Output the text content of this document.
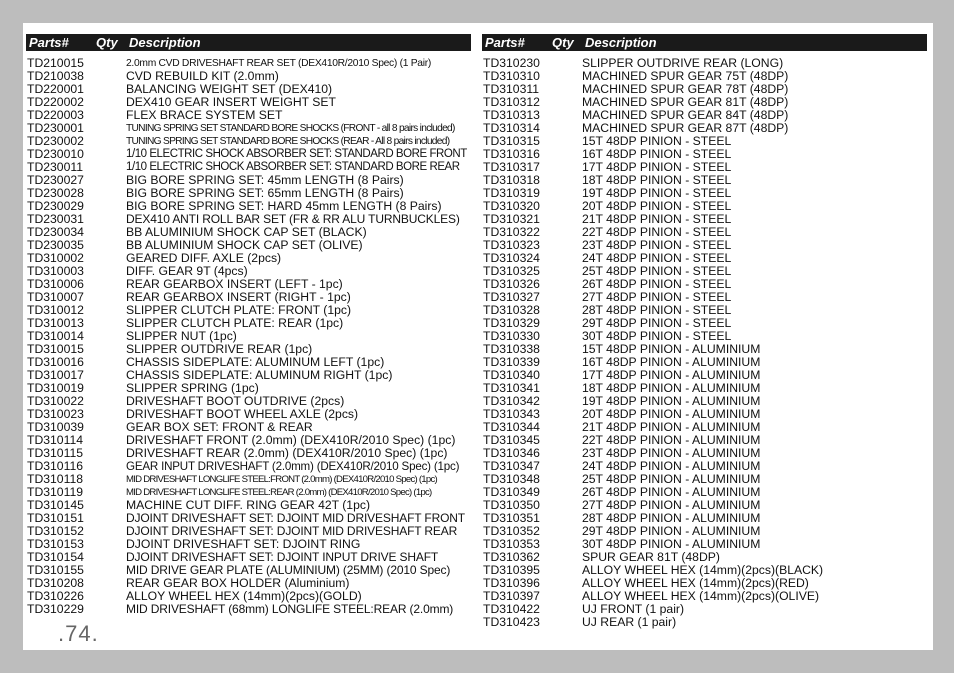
Parts# Qty Description
TD210015	2.0mm CVD DRIVESHAFT REAR SET (DEX410R/2010 Spec) (1 Pair)
TD210038	CVD REBUILD KIT (2.0mm)
TD220001	BALANCING WEIGHT SET (DEX410)
TD220002	DEX410 GEAR INSERT WEIGHT SET
TD220003	FLEX BRACE SYSTEM SET
TD230001	TUNING SPRING SET STANDARD BORE SHOCKS (FRONT - all 8 pairs included)
TD230002	TUNING SPRING SET STANDARD BORE SHOCKS (REAR - All 8 pairs included)
TD230010	1/10 ELECTRIC SHOCK ABSORBER SET: STANDARD BORE FRONT
TD230011	1/10 ELECTRIC SHOCK ABSORBER SET: STANDARD BORE REAR
TD230027	BIG BORE SPRING SET: 45mm LENGTH (8 Pairs)
TD230028	BIG BORE SPRING SET: 65mm LENGTH (8 Pairs)
TD230029	BIG BORE SPRING SET: HARD 45mm LENGTH (8 Pairs)
TD230031	DEX410 ANTI ROLL BAR SET (FR & RR ALU TURNBUCKLES)
TD230034	BB ALUMINIUM SHOCK CAP SET (BLACK)
TD230035	BB ALUMINIUM SHOCK CAP SET (OLIVE)
TD310002	GEARED DIFF. AXLE (2pcs)
TD310003	DIFF. GEAR 9T (4pcs)
TD310006	REAR GEARBOX INSERT (LEFT - 1pc)
TD310007	REAR GEARBOX INSERT (RIGHT - 1pc)
TD310012	SLIPPER CLUTCH PLATE: FRONT (1pc)
TD310013	SLIPPER CLUTCH PLATE: REAR (1pc)
TD310014	SLIPPER NUT (1pc)
TD310015	SLIPPER OUTDRIVE REAR (1pc)
TD310016	CHASSIS SIDEPLATE: ALUMINUM LEFT (1pc)
TD310017	CHASSIS SIDEPLATE: ALUMINUM RIGHT (1pc)
TD310019	SLIPPER SPRING (1pc)
TD310022	DRIVESHAFT BOOT OUTDRIVE (2pcs)
TD310023	DRIVESHAFT BOOT WHEEL AXLE (2pcs)
TD310039	GEAR BOX SET: FRONT & REAR
TD310114	DRIVESHAFT FRONT (2.0mm) (DEX410R/2010 Spec) (1pc)
TD310115	DRIVESHAFT REAR (2.0mm) (DEX410R/2010 Spec) (1pc)
TD310116	GEAR INPUT DRIVESHAFT (2.0mm) (DEX410R/2010 Spec) (1pc)
TD310118	MID DRIVESHAFT LONGLIFE STEEL:FRONT (2.0mm) (DEX410R/2010 Spec) (1pc)
TD310119	MID DRIVESHAFT LONGLIFE STEEL:REAR (2.0mm) (DEX410R/2010 Spec) (1pc)
TD310145	MACHINE CUT DIFF. RING GEAR 42T (1pc)
TD310151	DJOINT DRIVESHAFT SET: DJOINT MID DRIVESHAFT FRONT
TD310152	DJOINT DRIVESHAFT SET: DJOINT MID DRIVESHAFT REAR
TD310153	DJOINT DRIVESHAFT SET: DJOINT RING
TD310154	DJOINT DRIVESHAFT SET: DJOINT INPUT DRIVE SHAFT
TD310155	MID DRIVE GEAR PLATE (ALUMINIUM) (25MM) (2010 Spec)
TD310208	REAR GEAR BOX HOLDER (Aluminium)
TD310226	ALLOY WHEEL HEX (14mm)(2pcs)(GOLD)
TD310229	MID DRIVESHAFT (68mm) LONGLIFE STEEL:REAR (2.0mm)
Parts# Qty Description
TD310230	SLIPPER OUTDRIVE REAR (LONG)
TD310310	MACHINED SPUR GEAR 75T (48DP)
TD310311	MACHINED SPUR GEAR 78T (48DP)
TD310312	MACHINED SPUR GEAR 81T (48DP)
TD310313	MACHINED SPUR GEAR 84T (48DP)
TD310314	MACHINED SPUR GEAR 87T (48DP)
TD310315	15T 48DP PINION - STEEL
TD310316	16T 48DP PINION - STEEL
TD310317	17T 48DP PINION - STEEL
TD310318	18T 48DP PINION - STEEL
TD310319	19T 48DP PINION - STEEL
TD310320	20T 48DP PINION - STEEL
TD310321	21T 48DP PINION - STEEL
TD310322	22T 48DP PINION - STEEL
TD310323	23T 48DP PINION - STEEL
TD310324	24T 48DP PINION - STEEL
TD310325	25T 48DP PINION - STEEL
TD310326	26T 48DP PINION - STEEL
TD310327	27T 48DP PINION - STEEL
TD310328	28T 48DP PINION - STEEL
TD310329	29T 48DP PINION - STEEL
TD310330	30T 48DP PINION - STEEL
TD310338	15T 48DP PINION - ALUMINIUM
TD310339	16T 48DP PINION - ALUMINIUM
TD310340	17T 48DP PINION - ALUMINIUM
TD310341	18T 48DP PINION - ALUMINIUM
TD310342	19T 48DP PINION - ALUMINIUM
TD310343	20T 48DP PINION - ALUMINIUM
TD310344	21T 48DP PINION - ALUMINIUM
TD310345	22T 48DP PINION - ALUMINIUM
TD310346	23T 48DP PINION - ALUMINIUM
TD310347	24T 48DP PINION - ALUMINIUM
TD310348	25T 48DP PINION - ALUMINIUM
TD310349	26T 48DP PINION - ALUMINIUM
TD310350	27T 48DP PINION - ALUMINIUM
TD310351	28T 48DP PINION - ALUMINIUM
TD310352	29T 48DP PINION - ALUMINIUM
TD310353	30T 48DP PINION - ALUMINIUM
TD310362	SPUR GEAR 81T (48DP)
TD310395	ALLOY WHEEL HEX (14mm)(2pcs)(BLACK)
TD310396	ALLOY WHEEL HEX (14mm)(2pcs)(RED)
TD310397	ALLOY WHEEL HEX (14mm)(2pcs)(OLIVE)
TD310422	UJ FRONT (1 pair)
TD310423	UJ REAR (1 pair)
.74.
